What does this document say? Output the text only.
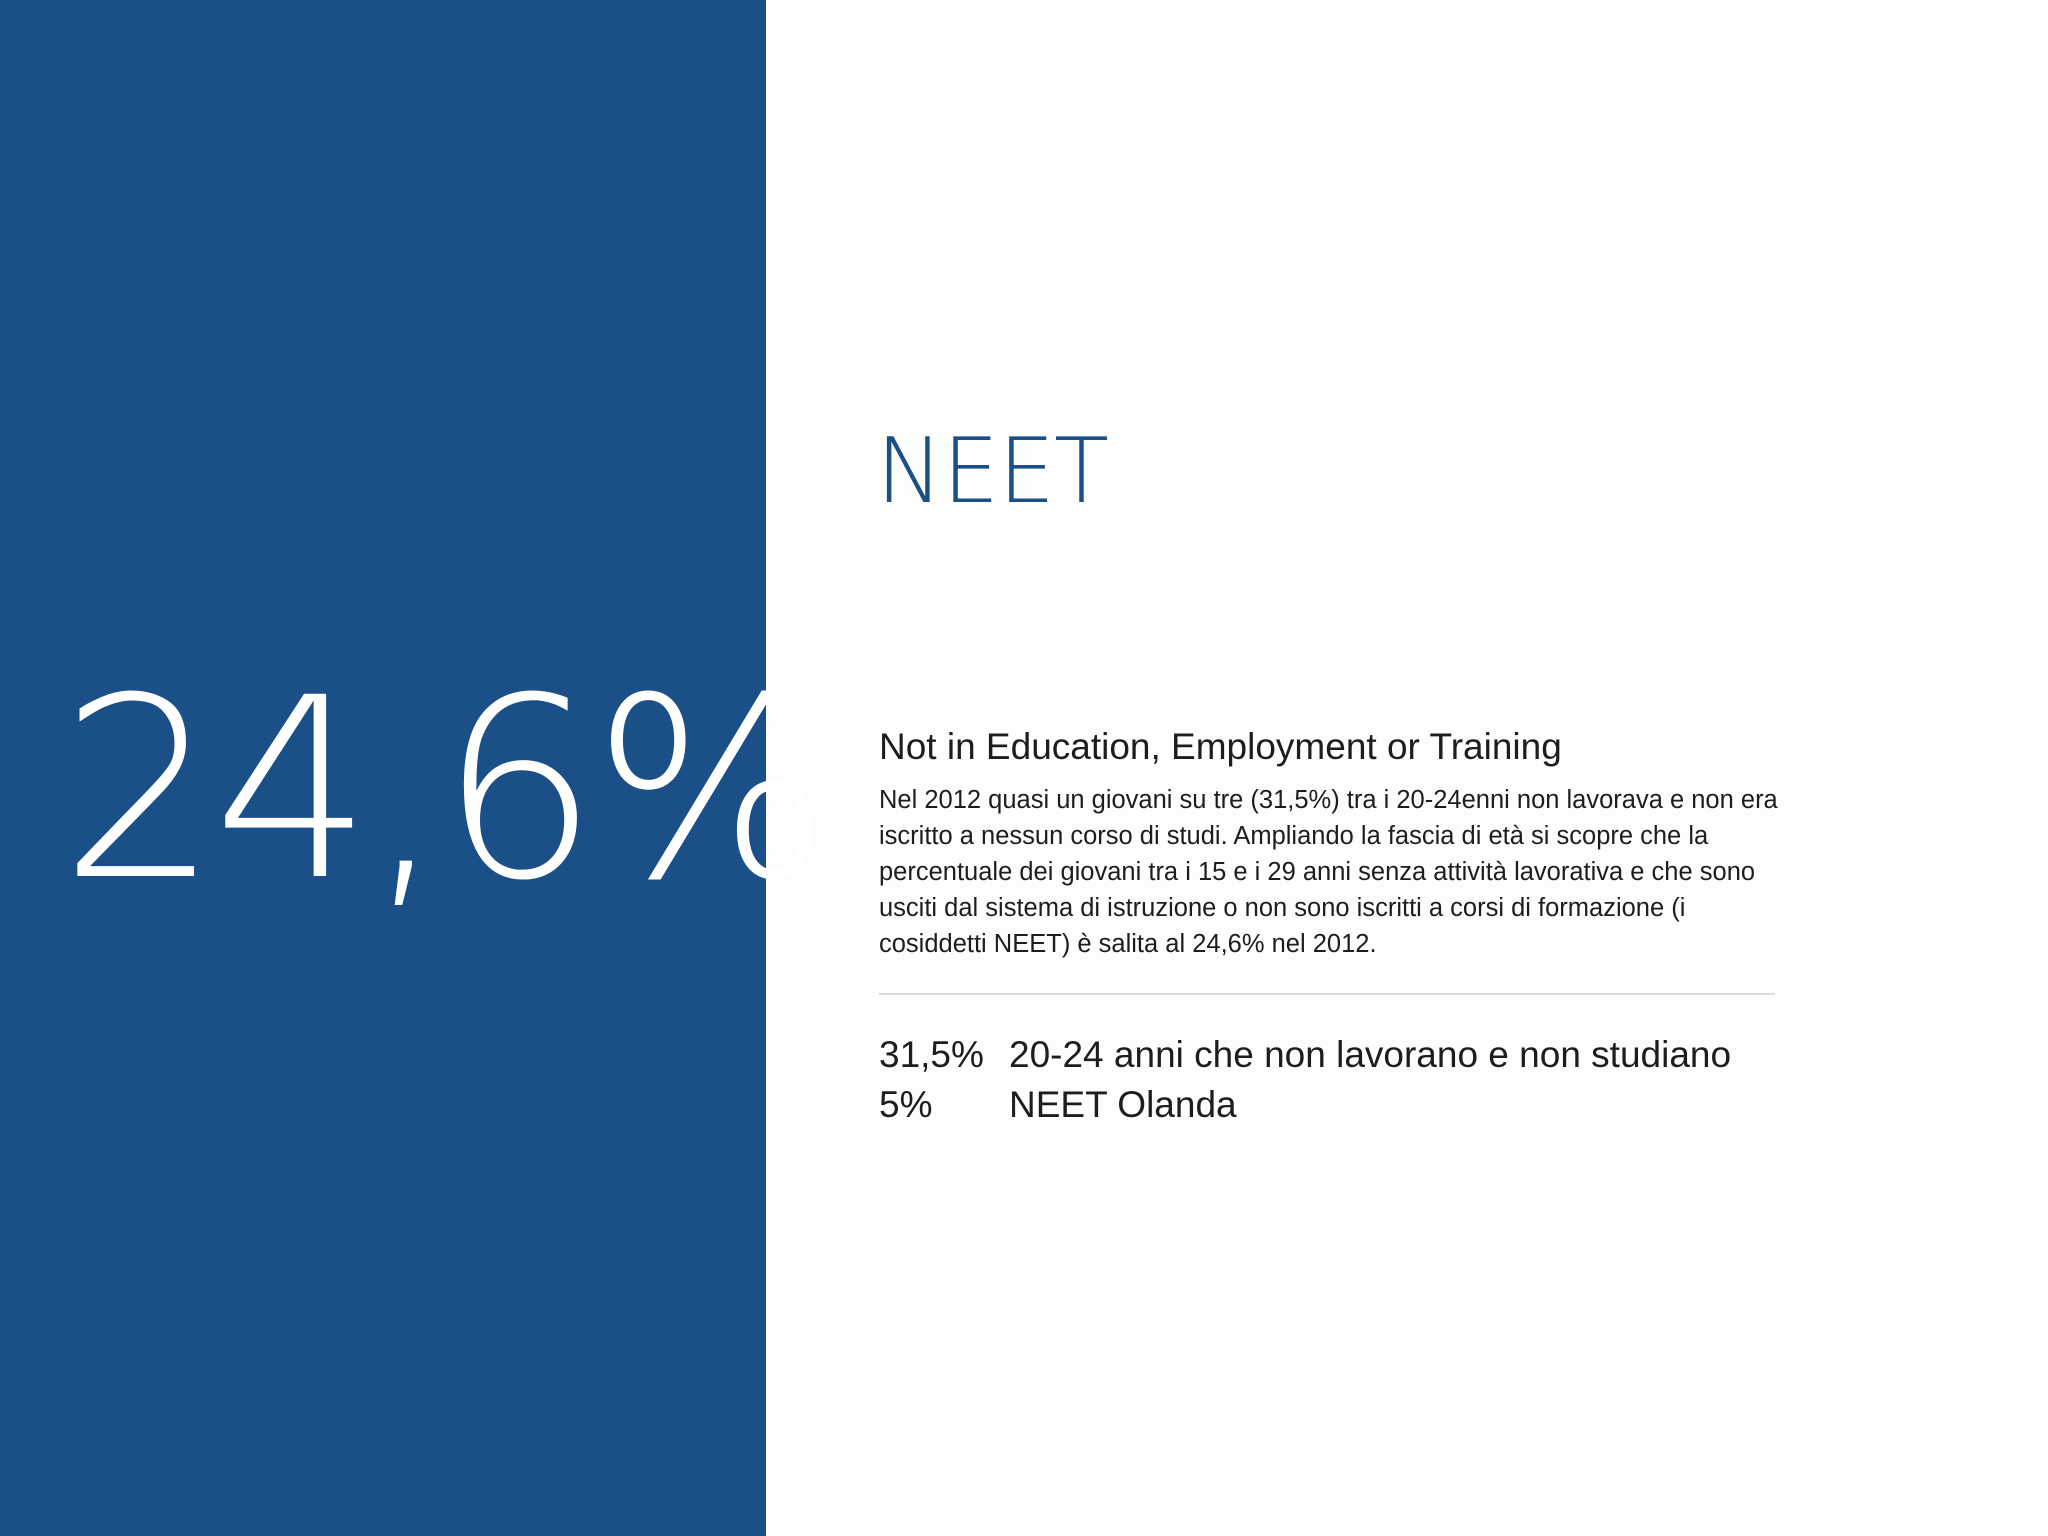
24,6%
NEET
Not in Education, Employment or Training
Nel 2012 quasi un giovani su tre (31,5%) tra i 20-24enni non lavorava e non era iscritto a nessun corso di studi. Ampliando la fascia di età si scopre che la percentuale dei giovani tra i 15 e i 29 anni senza attività lavorativa e che sono usciti dal sistema di istruzione o non sono iscritti a corsi di formazione (i cosiddetti NEET) è salita al 24,6% nel 2012.
31,5% 20-24 anni che non lavorano e non studiano
5%	NEET Olanda
